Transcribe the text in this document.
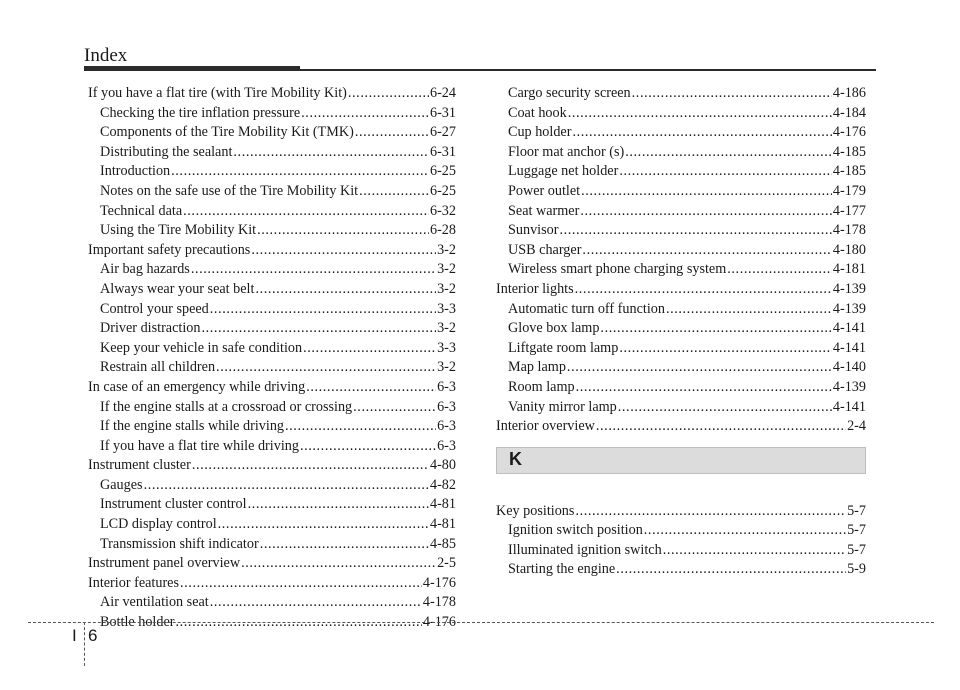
Index
If you have a flat tire (with Tire Mobility Kit) .....	6-24
Checking the tire inflation pressure .....	6-31
Components of the Tire Mobility Kit (TMK) .....	6-27
Distributing the sealant .....	6-31
Introduction .....	6-25
Notes on the safe use of the Tire Mobility Kit .....	6-25
Technical data .....	6-32
Using the Tire Mobility Kit .....	6-28
Important safety precautions .....	3-2
Air bag hazards .....	3-2
Always wear your seat belt .....	3-2
Control your speed .....	3-3
Driver distraction .....	3-2
Keep your vehicle in safe condition .....	3-3
Restrain all children .....	3-2
In case of an emergency while driving .....	6-3
If the engine stalls at a crossroad or crossing .....	6-3
If the engine stalls while driving .....	6-3
If you have a flat tire while driving .....	6-3
Instrument cluster .....	4-80
Gauges .....	4-82
Instrument cluster control .....	4-81
LCD display control .....	4-81
Transmission shift indicator .....	4-85
Instrument panel overview .....	2-5
Interior features .....	4-176
Air ventilation seat .....	4-178
Bottle holder .....	4-176
Cargo security screen .....	4-186
Coat hook .....	4-184
Cup holder .....	4-176
Floor mat anchor (s) .....	4-185
Luggage net holder .....	4-185
Power outlet .....	4-179
Seat warmer .....	4-177
Sunvisor .....	4-178
USB charger .....	4-180
Wireless smart phone charging system .....	4-181
Interior lights .....	4-139
Automatic turn off function .....	4-139
Glove box lamp .....	4-141
Liftgate room lamp .....	4-141
Map lamp .....	4-140
Room lamp .....	4-139
Vanity mirror lamp .....	4-141
Interior overview .....	2-4
K
Key positions .....	5-7
Ignition switch position .....	5-7
Illuminated ignition switch .....	5-7
Starting the engine .....	5-9
I 6
